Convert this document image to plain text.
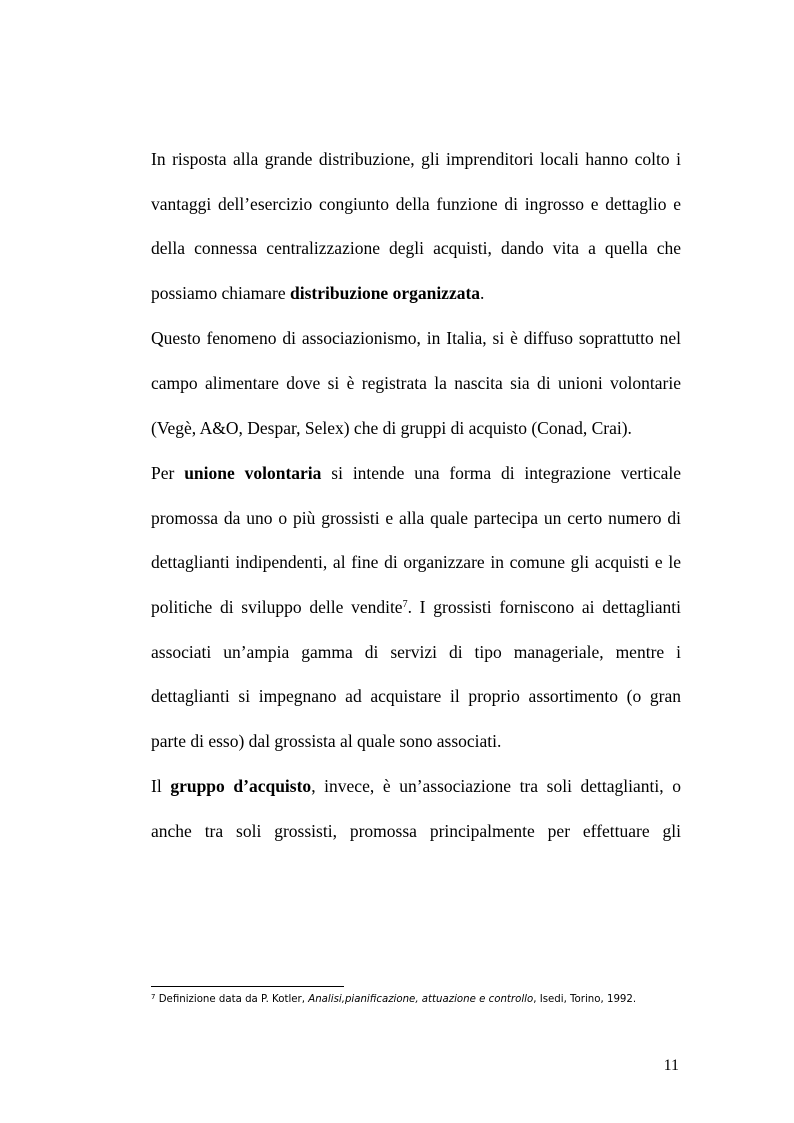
In risposta alla grande distribuzione, gli imprenditori locali hanno colto i vantaggi dell’esercizio congiunto della funzione di ingrosso e dettaglio e della connessa centralizzazione degli acquisti, dando vita a quella che possiamo chiamare distribuzione organizzata.

Questo fenomeno di associazionismo, in Italia, si è diffuso soprattutto nel campo alimentare dove si è registrata la nascita sia di unioni volontarie (Vegè, A&O, Despar, Selex) che di gruppi di acquisto (Conad, Crai).

Per unione volontaria si intende una forma di integrazione verticale promossa da uno o più grossisti e alla quale partecipa un certo numero di dettaglianti indipendenti, al fine di organizzare in comune gli acquisti e le politiche di sviluppo delle vendite$^7$. I grossisti forniscono ai dettaglianti associati un’ampia gamma di servizi di tipo manageriale, mentre i dettaglianti si impegnano ad acquistare il proprio assortimento (o gran parte di esso) dal grossista al quale sono associati.

Il gruppo d’acquisto, invece, è un’associazione tra soli dettaglianti, o anche tra soli grossisti, promossa principalmente per effettuare gli

$^7$ Definizione data da P. Kotler, Analisi,pianificazione, attuazione e controllo, Isedi, Torino, 1992.
11
